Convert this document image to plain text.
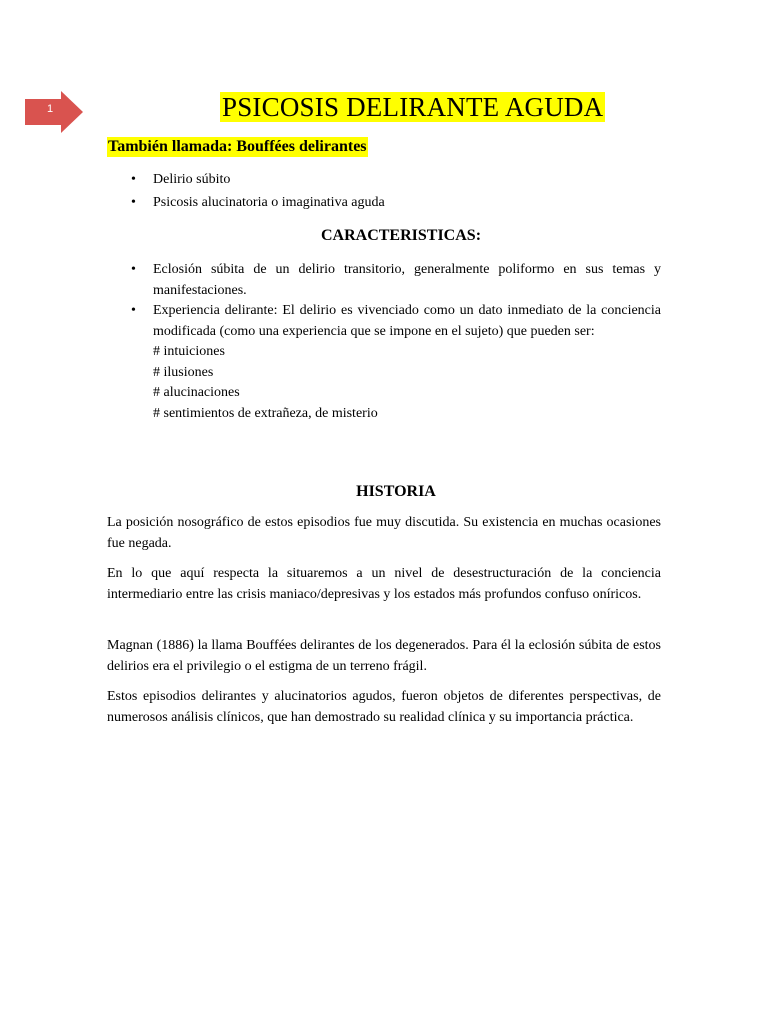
1	PSICOSIS DELIRANTE AGUDA
También llamada: Bouffées delirantes
• Delirio súbito
• Psicosis alucinatoria o imaginativa aguda
CARACTERISTICAS:
• Eclosión súbita de un delirio transitorio, generalmente poliformo en sus temas y manifestaciones.
• Experiencia delirante: El delirio es vivenciado como un dato inmediato de la conciencia modificada (como una experiencia que se impone en el sujeto) que pueden ser:
# intuiciones
# ilusiones
# alucinaciones
# sentimientos de extrañeza, de misterio
HISTORIA

La posición nosográfico de estos episodios fue muy discutida. Su existencia en muchas ocasiones fue negada.

En lo que aquí respecta la situaremos a un nivel de desestructuración de la conciencia intermediario entre las crisis maniaco/depresivas y los estados más profundos confuso oníricos.

Magnan (1886) la llama Bouffées delirantes de los degenerados. Para él la eclosión súbita de estos delirios era el privilegio o el estigma de un terreno frágil.

Estos episodios delirantes y alucinatorios agudos, fueron objetos de diferentes perspectivas, de numerosos análisis clínicos, que han demostrado su realidad clínica y su importancia práctica.
